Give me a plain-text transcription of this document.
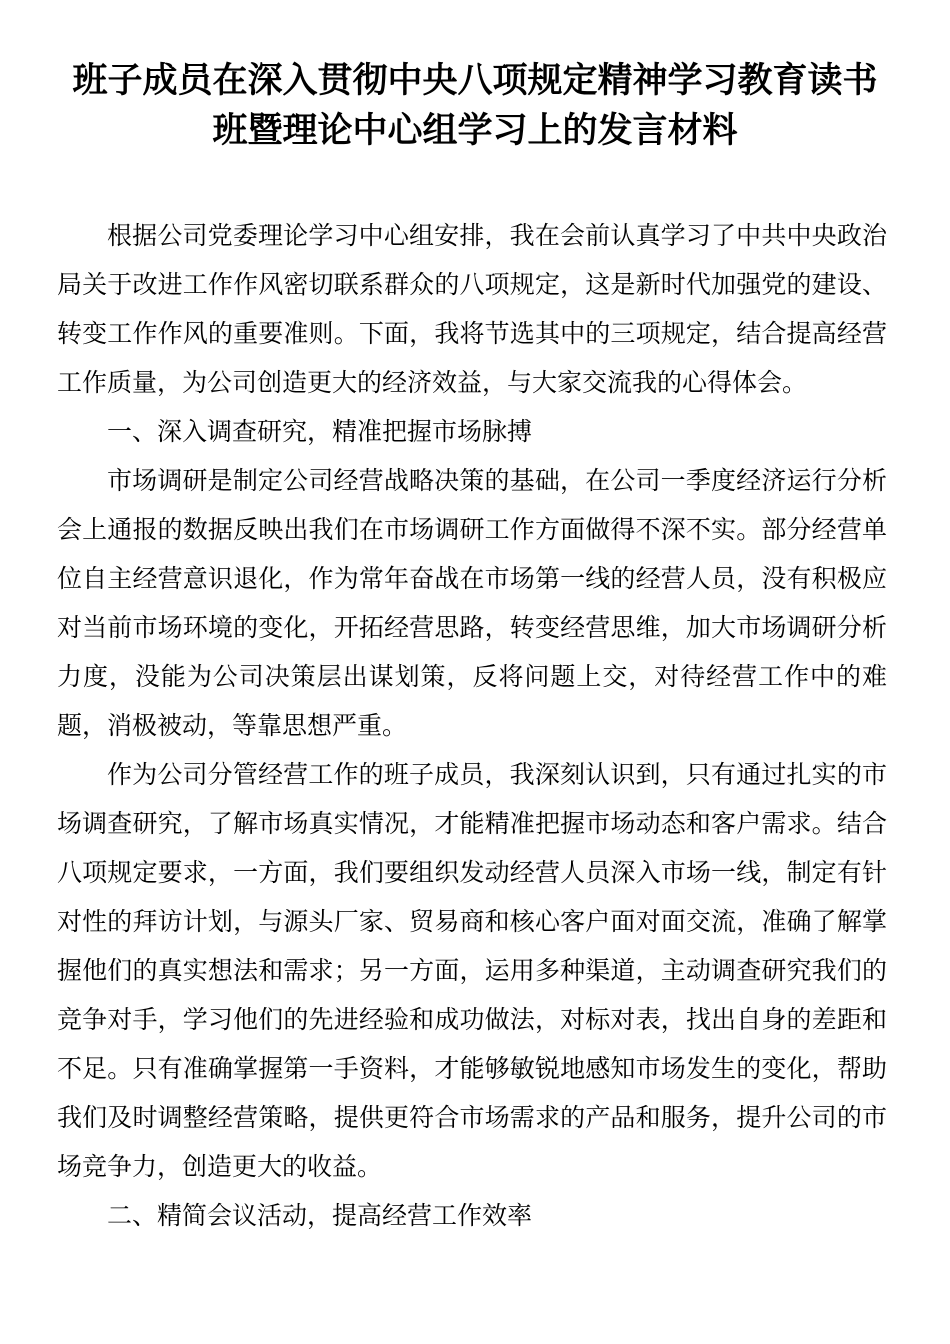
班子成员在深入贯彻中央八项规定精神学习教育读书班暨理论中心组学习上的发言材料

根据公司党委理论学习中心组安排，我在会前认真学习了中共中央政治局关于改进工作作风密切联系群众的八项规定，这是新时代加强党的建设、转变工作作风的重要准则。下面，我将节选其中的三项规定，结合提高经营工作质量，为公司创造更大的经济效益，与大家交流我的心得体会。

一、深入调查研究，精准把握市场脉搏

市场调研是制定公司经营战略决策的基础，在公司一季度经济运行分析会上通报的数据反映出我们在市场调研工作方面做得不深不实。部分经营单位自主经营意识退化，作为常年奋战在市场第一线的经营人员，没有积极应对当前市场环境的变化，开拓经营思路，转变经营思维，加大市场调研分析力度，没能为公司决策层出谋划策，反将问题上交，对待经营工作中的难题，消极被动，等靠思想严重。

作为公司分管经营工作的班子成员，我深刻认识到，只有通过扎实的市场调查研究，了解市场真实情况，才能精准把握市场动态和客户需求。结合八项规定要求，一方面，我们要组织发动经营人员深入市场一线，制定有针对性的拜访计划，与源头厂家、贸易商和核心客户面对面交流，准确了解掌握他们的真实想法和需求；另一方面，运用多种渠道，主动调查研究我们的竞争对手，学习他们的先进经验和成功做法，对标对表，找出自身的差距和不足。只有准确掌握第一手资料，才能够敏锐地感知市场发生的变化，帮助我们及时调整经营策略，提供更符合市场需求的产品和服务，提升公司的市场竞争力，创造更大的收益。

二、精简会议活动，提高经营工作效率
